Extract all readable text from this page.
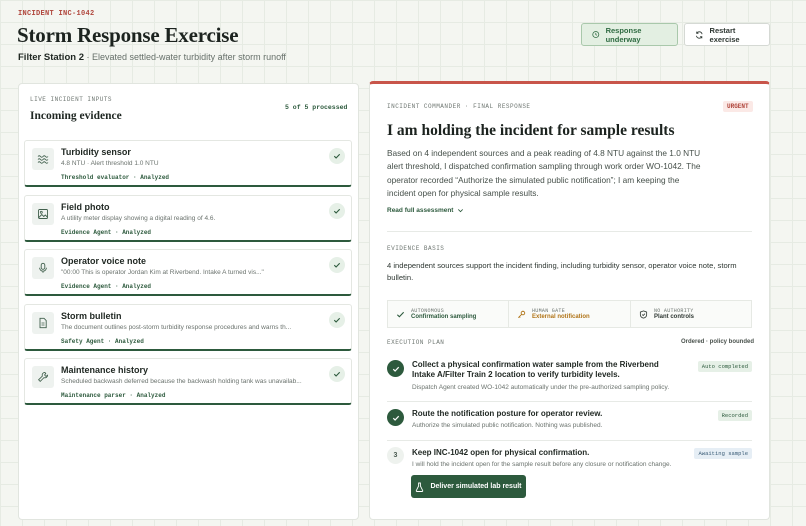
INCIDENT INC-1042
Storm Response Exercise
Filter Station 2 · Elevated settled-water turbidity after storm runoff
Response underway
Restart exercise
LIVE INCIDENT INPUTS
Incoming evidence
5 of 5 processed
Turbidity sensor
4.8 NTU · Alert threshold 1.0 NTU
Threshold evaluator · Analyzed
Field photo
A utility meter display showing a digital reading of 4.6.
Evidence Agent · Analyzed
Operator voice note
"00:00 This is operator Jordan Kim at Riverbend. Intake A turned vis..."
Evidence Agent · Analyzed
Storm bulletin
The document outlines post-storm turbidity response procedures and warns th...
Safety Agent · Analyzed
Maintenance history
Scheduled backwash deferred because the backwash holding tank was unavailab...
Maintenance parser · Analyzed
INCIDENT COMMANDER · FINAL RESPONSE	URGENT
I am holding the incident for sample results
Based on 4 independent sources and a peak reading of 4.8 NTU against the 1.0 NTU alert threshold, I dispatched confirmation sampling through work order WO-1042. The operator recorded “Authorize the simulated public notification”; I am keeping the incident open for physical sample results.
Read full assessment
EVIDENCE BASIS
4 independent sources support the incident finding, including turbidity sensor, operator voice note, storm bulletin.
AUTONOMOUS
Confirmation sampling
HUMAN GATE
External notification
NO AUTHORITY
Plant controls
EXECUTION PLAN	Ordered · policy bounded
Collect a physical confirmation water sample from the Riverbend Intake A/Filter Train 2 location to verify turbidity levels.
Dispatch Agent created WO-1042 automatically under the pre-authorized sampling policy.
Auto completed
Route the notification posture for operator review.
Authorize the simulated public notification. Nothing was published.
Recorded
3	Keep INC-1042 open for physical confirmation.
I will hold the incident open for the sample result before any closure or notification change.
Awaiting sample
Deliver simulated lab result
